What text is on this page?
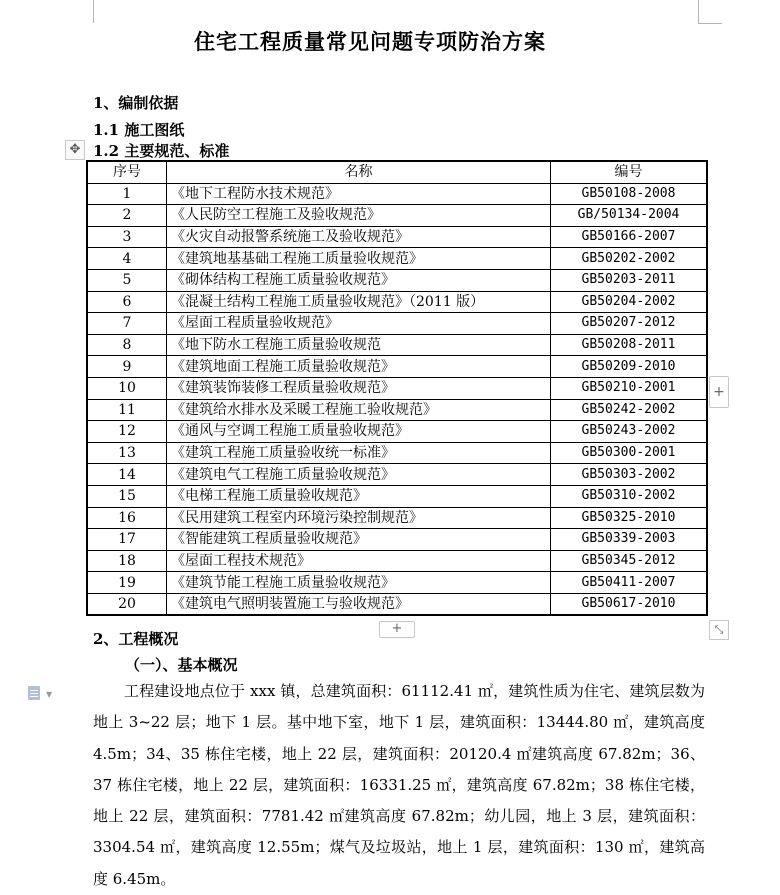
住宅工程质量常见问题专项防治方案
1、编制依据
1.1 施工图纸
✥ 1.2 主要规范、标准
序号	名称	编号
1	《地下工程防水技术规范》	GB50108-2008
2	《人民防空工程施工及验收规范》	GB/50134-2004
3	《火灾自动报警系统施工及验收规范》	GB50166-2007
4	《建筑地基基础工程施工质量验收规范》	GB50202-2002
5	《砌体结构工程施工质量验收规范》	GB50203-2011
6	《混凝土结构工程施工质量验收规范》（2011 版）	GB50204-2002
7	《屋面工程质量验收规范》	GB50207-2012
8	《地下防水工程施工质量验收规范	GB50208-2011
9	《建筑地面工程施工质量验收规范》	GB50209-2010
10	《建筑装饰装修工程质量验收规范》	GB50210-2001
11	《建筑给水排水及采暖工程施工验收规范》	GB50242-2002
12	《通风与空调工程施工质量验收规范》	GB50243-2002
13	《建筑工程施工质量验收统一标准》	GB50300-2001
14	《建筑电气工程施工质量验收规范》	GB50303-2002
15	《电梯工程施工质量验收规范》	GB50310-2002
16	《民用建筑工程室内环境污染控制规范》	GB50325-2010
17	《智能建筑工程质量验收规范》	GB50339-2003
18	《屋面工程技术规范》	GB50345-2012
19	《建筑节能工程施工质量验收规范》	GB50411-2007
20	《建筑电气照明装置施工与验收规范》	GB50617-2010
+
+	⤡
2、工程概况
（一）、基本概况
▼	工程建设地点位于 xxx 镇，总建筑面积：61112.41 ㎡，建筑性质为住宅、建筑层数为地上 3~22 层；地下 1 层。基中地下室，地下 1 层，建筑面积：13444.80 ㎡，建筑高度 4.5m；34、35 栋住宅楼，地上 22 层，建筑面积：20120.4 ㎡建筑高度 67.82m；36、37 栋住宅楼，地上 22 层，建筑面积：16331.25 ㎡，建筑高度 67.82m；38 栋住宅楼，地上 22 层，建筑面积：7781.42 ㎡建筑高度 67.82m；幼儿园，地上 3 层，建筑面积：3304.54 ㎡，建筑高度 12.55m；煤气及垃圾站，地上 1 层，建筑面积：130 ㎡，建筑高度 6.45m。
